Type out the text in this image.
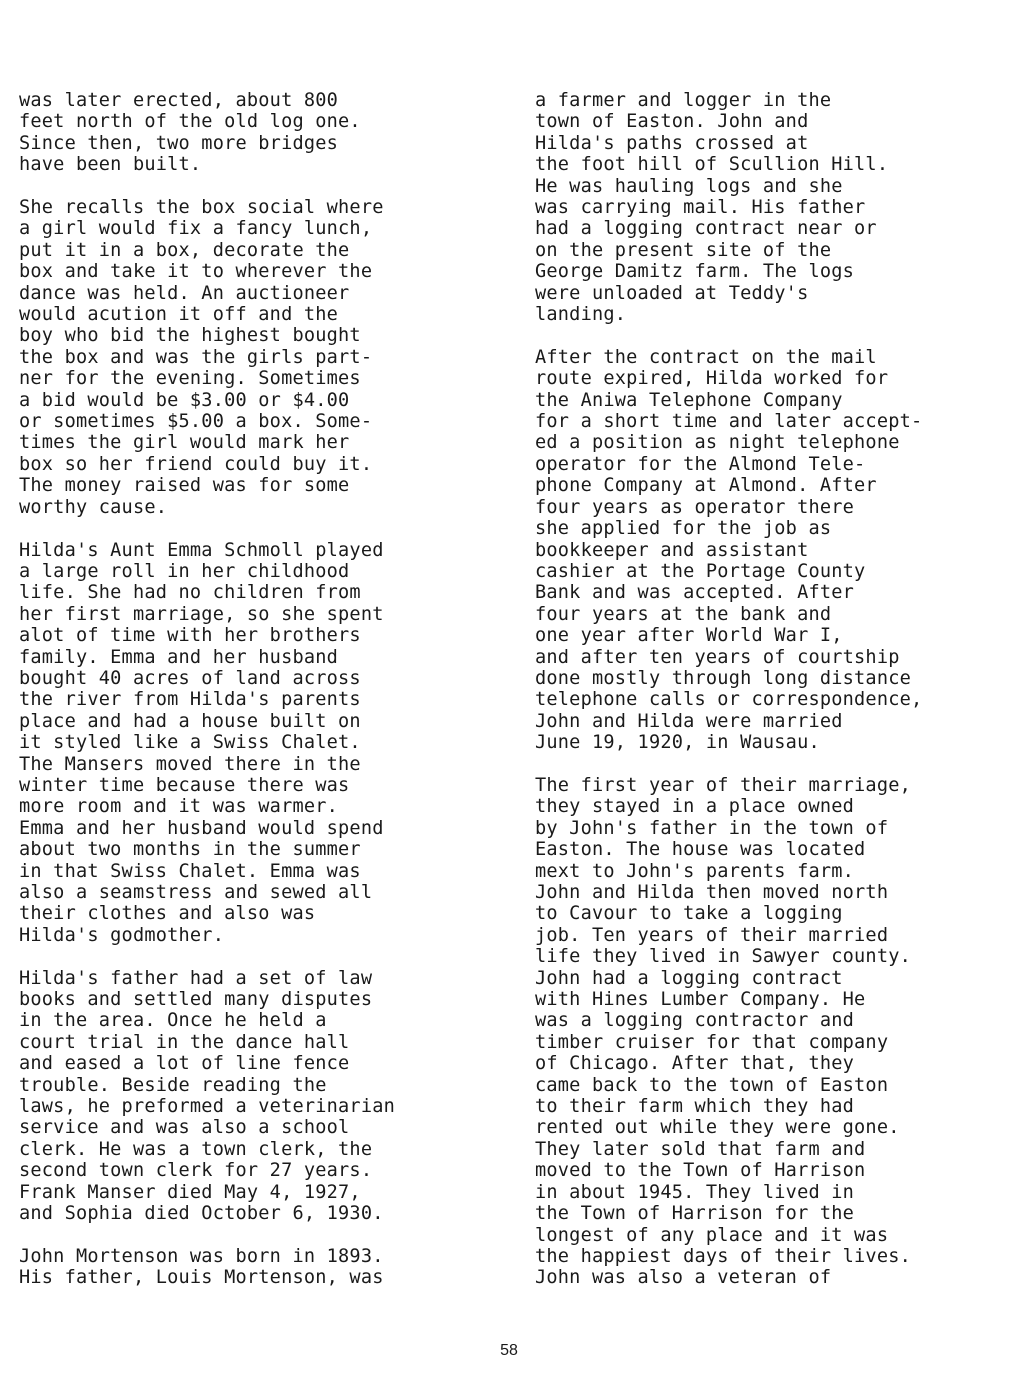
was later erected, about 800
feet north of the old log one.
Since then, two more bridges
have been built.
She recalls the box social where
a girl would fix a fancy lunch,
put it in a box, decorate the
box and take it to wherever the
dance was held. An auctioneer
would acution it off and the
boy who bid the highest bought
the box and was the girls part-
ner for the evening. Sometimes
a bid would be $3.00 or $4.00
or sometimes $5.00 a box. Some-
times the girl would mark her
box so her friend could buy it.
The money raised was for some
worthy cause.
Hilda's Aunt Emma Schmoll played
a large roll in her childhood
life. She had no children from
her first marriage, so she spent
alot of time with her brothers
family. Emma and her husband
bought 40 acres of land across
the river from Hilda's parents
place and had a house built on
it styled like a Swiss Chalet.
The Mansers moved there in the
winter time because there was
more room and it was warmer.
Emma and her husband would spend
about two months in the summer
in that Swiss Chalet. Emma was
also a seamstress and sewed all
their clothes and also was
Hilda's godmother.
Hilda's father had a set of law
books and settled many disputes
in the area. Once he held a
court trial in the dance hall
and eased a lot of line fence
trouble. Beside reading the
laws, he preformed a veterinarian
service and was also a school
clerk. He was a town clerk, the
second town clerk for 27 years.
Frank Manser died May 4, 1927,
and Sophia died October 6, 1930.
John Mortenson was born in 1893.
His father, Louis Mortenson, was
a farmer and logger in the
town of Easton. John and
Hilda's paths crossed at
the foot hill of Scullion Hill.
He was hauling logs and she
was carrying mail. His father
had a logging contract near or
on the present site of the
George Damitz farm. The logs
were unloaded at Teddy's
landing.
After the contract on the mail
route expired, Hilda worked for
the Aniwa Telephone Company
for a short time and later accept-
ed a position as night telephone
operator for the Almond Tele-
phone Company at Almond. After
four years as operator there
she applied for the job as
bookkeeper and assistant
cashier at the Portage County
Bank and was accepted. After
four years at the bank and
one year after World War I,
and after ten years of courtship
done mostly through long distance
telephone calls or correspondence,
John and Hilda were married
June 19, 1920, in Wausau.
The first year of their marriage,
they stayed in a place owned
by John's father in the town of
Easton. The house was located
mext to John's parents farm.
John and Hilda then moved north
to Cavour to take a logging
job. Ten years of their married
life they lived in Sawyer county.
John had a logging contract
with Hines Lumber Company. He
was a logging contractor and
timber cruiser for that company
of Chicago. After that, they
came back to the town of Easton
to their farm which they had
rented out while they were gone.
They later sold that farm and
moved to the Town of Harrison
in about 1945. They lived in
the Town of Harrison for the
longest of any place and it was
the happiest days of their lives.
John was also a veteran of
58
